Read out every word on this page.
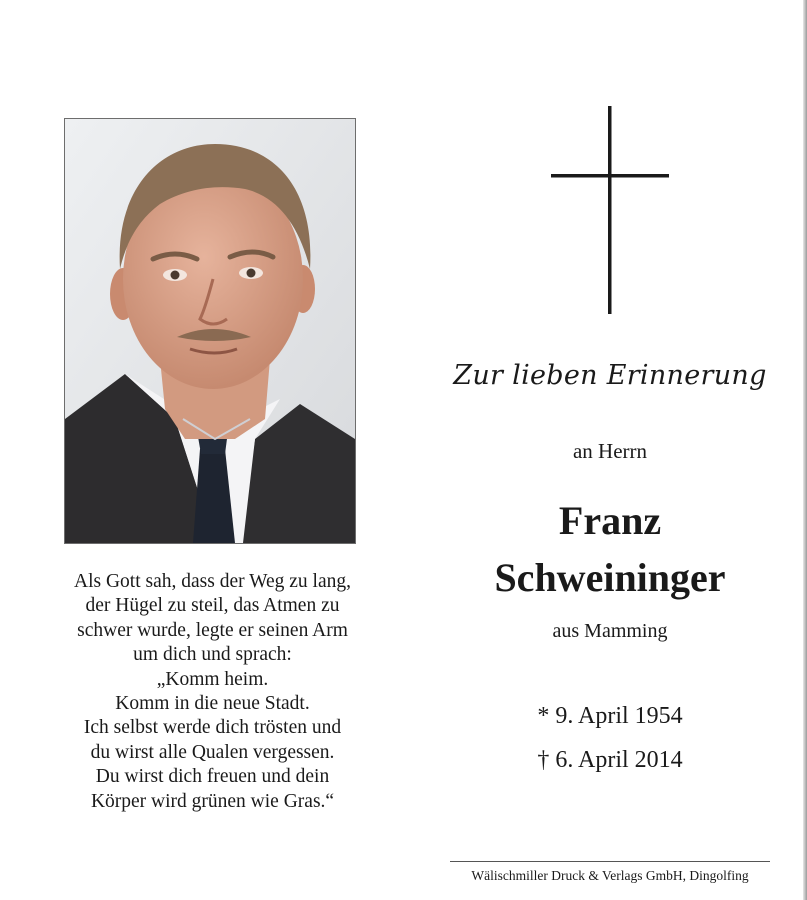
Als Gott sah, dass der Weg zu lang,
der Hügel zu steil, das Atmen zu
schwer wurde, legte er seinen Arm
um dich und sprach:
„Komm heim.
Komm in die neue Stadt.
Ich selbst werde dich trösten und
du wirst alle Qualen vergessen.
Du wirst dich freuen und dein
Körper wird grünen wie Gras.“
Zur lieben Erinnerung
an Herrn
Franz
Schweininger
aus Mamming
* 9. April 1954
† 6. April 2014
Wälischmiller Druck & Verlags GmbH, Dingolfing
